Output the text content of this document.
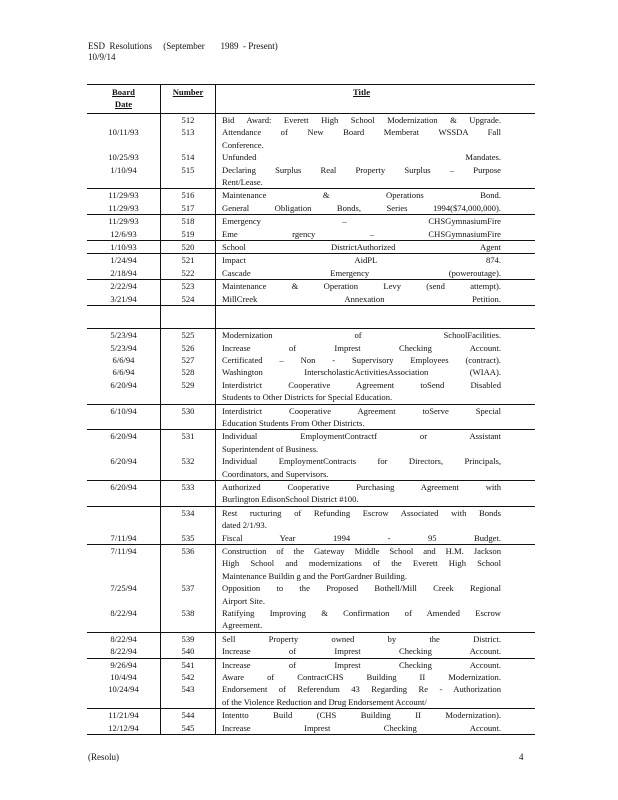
ESD  Resolutions     (September       1989  - Present)
10/9/14
Board
Date	Number	Title
	512	Bid Award: Everett High School Modernization & Upgrade.

10/11/93	513	Attendance of New Board Memberat WSSDA Fall
Conference.

10/25/93	514	Unfunded Mandates.

1/10/94	515	Declaring Surplus Real Property Surplus – Purpose
Rent/Lease.

11/29/93	516	Maintenance & Operations Bond.

11/29/93	517	General Obligation Bonds, Series 1994($74,000,000).

11/29/93	518	Emergency – CHSGymnasiumFire

12/6/93	519	Eme rgency – CHSGymnasiumFire

1/10/93	520	School DistrictAuthorized Agent

1/24/94	521	Impact AidPL 874.

2/18/94	522	Cascade Emergency (poweroutage).

2/22/94	523	Maintenance & Operation Levy (send attempt).

3/21/94	524	MillCreek Annexation Petition.

5/23/94	525	Modernization of SchoolFacilities.

5/23/94	526	Increase of Imprest Checking Account.

6/6/94	527	Certificated – Non - Supervisory Employees (contract).

6/6/94	528	Washington InterscholasticActivitiesAssociation (WIAA).

6/20/94	529	Interdistrict Cooperative Agreement toSend Disabled
Students to Other Districts for Special Education.

6/10/94	530	Interdistrict Cooperative Agreement toServe Special
Education Students From Other Districts.

6/20/94	531	Individual EmploymentContractf or Assistant
Superintendent of Business.

6/20/94	532	Individual EmploymentContracts for Directors, Principals,
Coordinators, and Supervisors.

6/20/94	533	Authorized Cooperative Purchasing Agreement with
Burlington EdisonSchool District #100.

	534	Rest ructuring of Refunding Escrow Associated with Bonds
dated 2/1/93.

7/11/94	535	Fiscal Year 1994 - 95 Budget.

7/11/94	536	Construction of the Gateway Middle School and H.M. Jackson
High School and modernizations of the Everett High School
Maintenance Buildin g and the PortGardner Building.

7/25/94	537	Opposition to the Proposed Bothell/Mill Creek Regional
Airport Site.

8/22/94	538	Ratifying Improving & Confirmation of Amended Escrow
Agreement.

8/22/94	539	Sell Property owned by the District.

8/22/94	540	Increase of Imprest Checking Account.

9/26/94	541	Increase of Imprest Checking Account.

10/4/94	542	Aware of ContractCHS Building II Modernization.

10/24/94	543	Endorsement of Referendum 43 Regarding Re - Authorization
of the Violence Reduction and Drug Endorsement Account/

11/21/94	544	Intentto Build (CHS Building II Modernization).

12/12/94	545	Increase Imprest Checking Account.
(Resolu)	4
